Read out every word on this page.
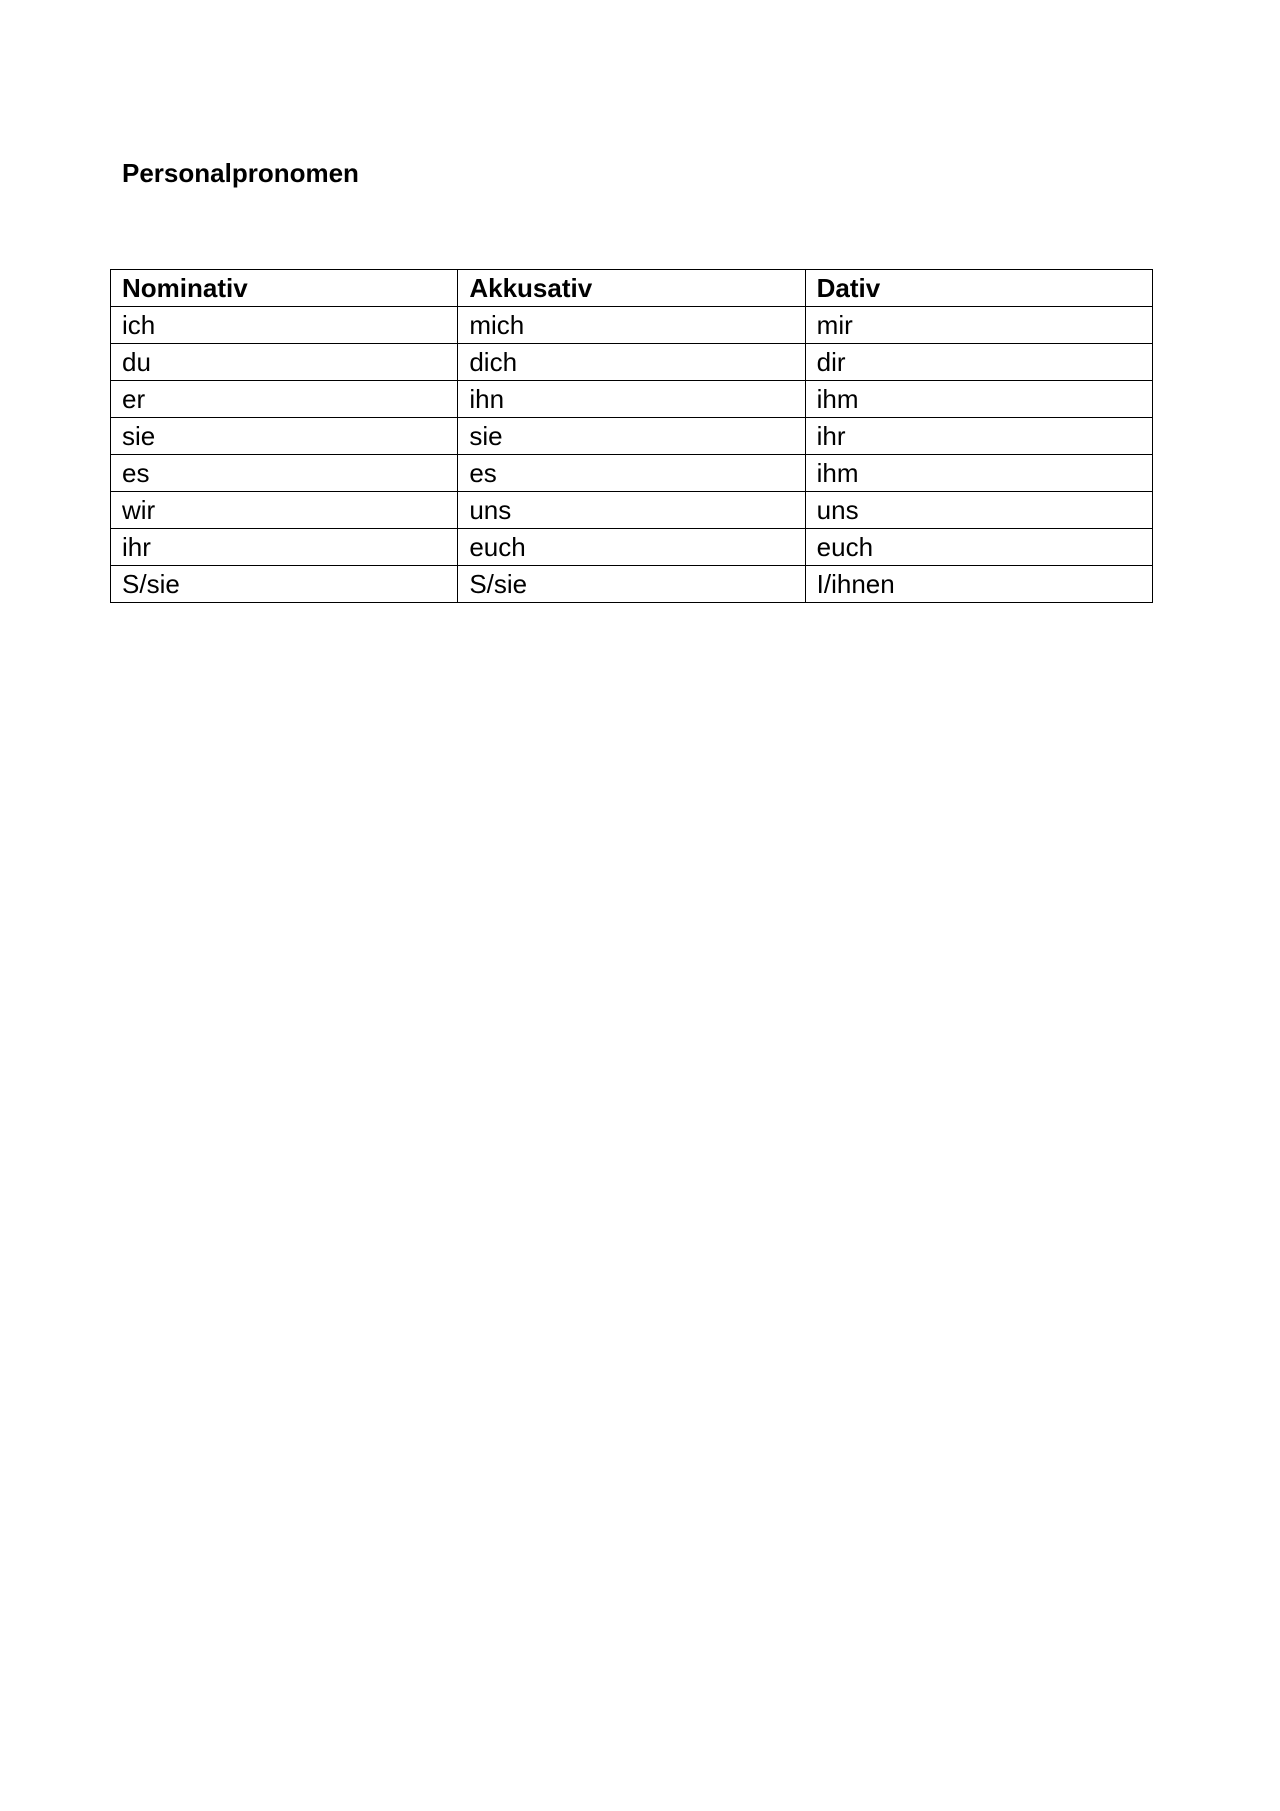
Personalpronomen
Nominativ	Akkusativ	Dativ
ich	mich	mir
du	dich	dir
er	ihn	ihm
sie	sie	ihr
es	es	ihm
wir	uns	uns
ihr	euch	euch
S/sie	S/sie	I/ihnen
